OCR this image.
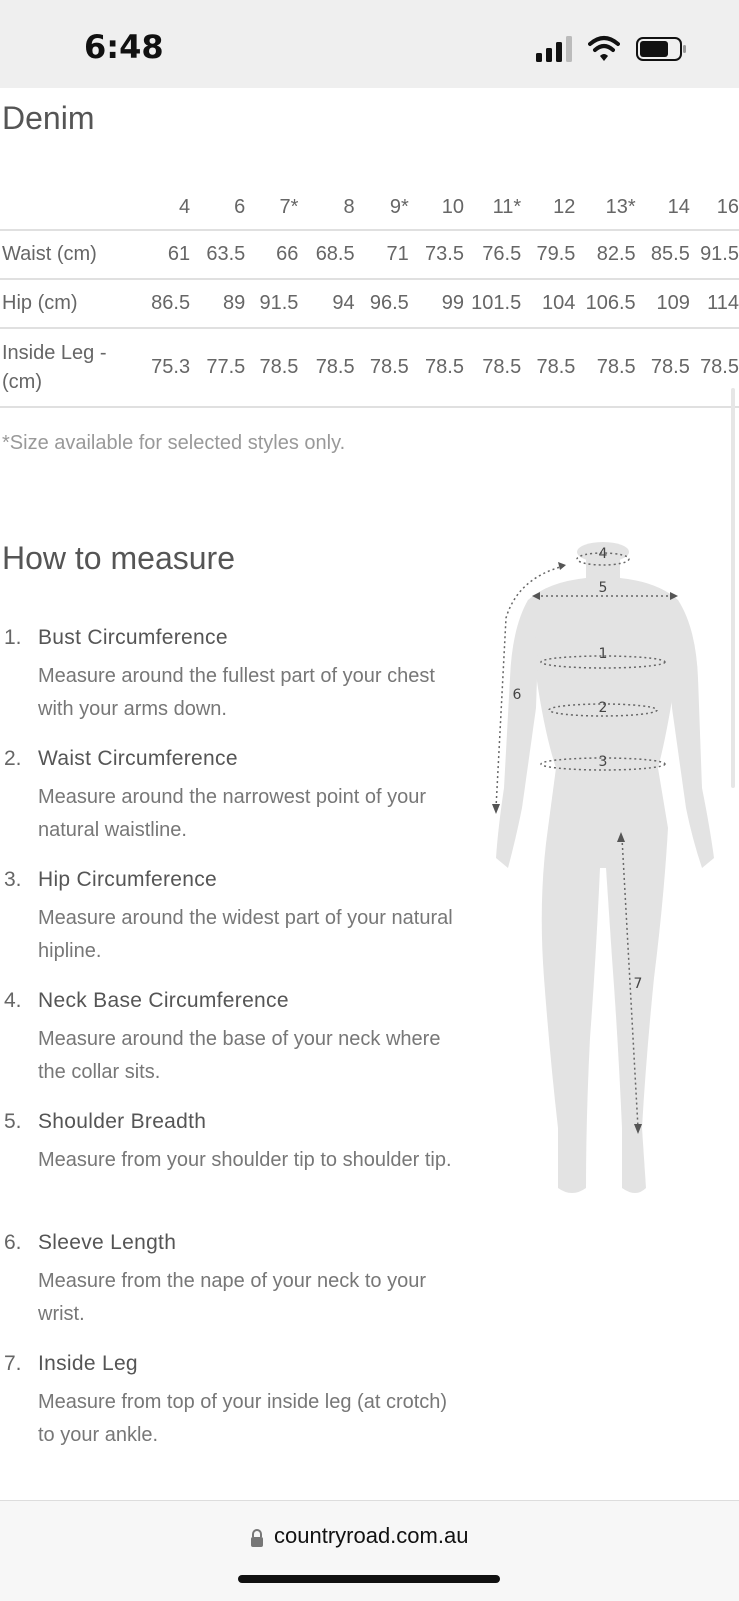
6:48
Denim
	4	6	7*	8	9*	10	11*	12	13*	14	16
Waist (cm)	61	63.5	66	68.5	71	73.5	76.5	79.5	82.5	85.5	91.5
Hip (cm)	86.5	89	91.5	94	96.5	99	101.5	104	106.5	109	114

Inside Leg -
(cm)	75.3	77.5	78.5	78.5	78.5	78.5	78.5	78.5	78.5	78.5	78.5
*Size available for selected styles only.
How to measure
1. Bust Circumference
Measure around the fullest part of your chest with your arms down.
2. Waist Circumference
Measure around the narrowest point of your natural waistline.
3. Hip Circumference
Measure around the widest part of your natural hipline.
4. Neck Base Circumference
Measure around the base of your neck where the collar sits.
5. Shoulder Breadth
Measure from your shoulder tip to shoulder tip.
6. Sleeve Length
Measure from the nape of your neck to your wrist.
7. Inside Leg
Measure from top of your inside leg (at crotch) to your ankle.
4
5
1
6
2
3
7
countryroad.com.au
